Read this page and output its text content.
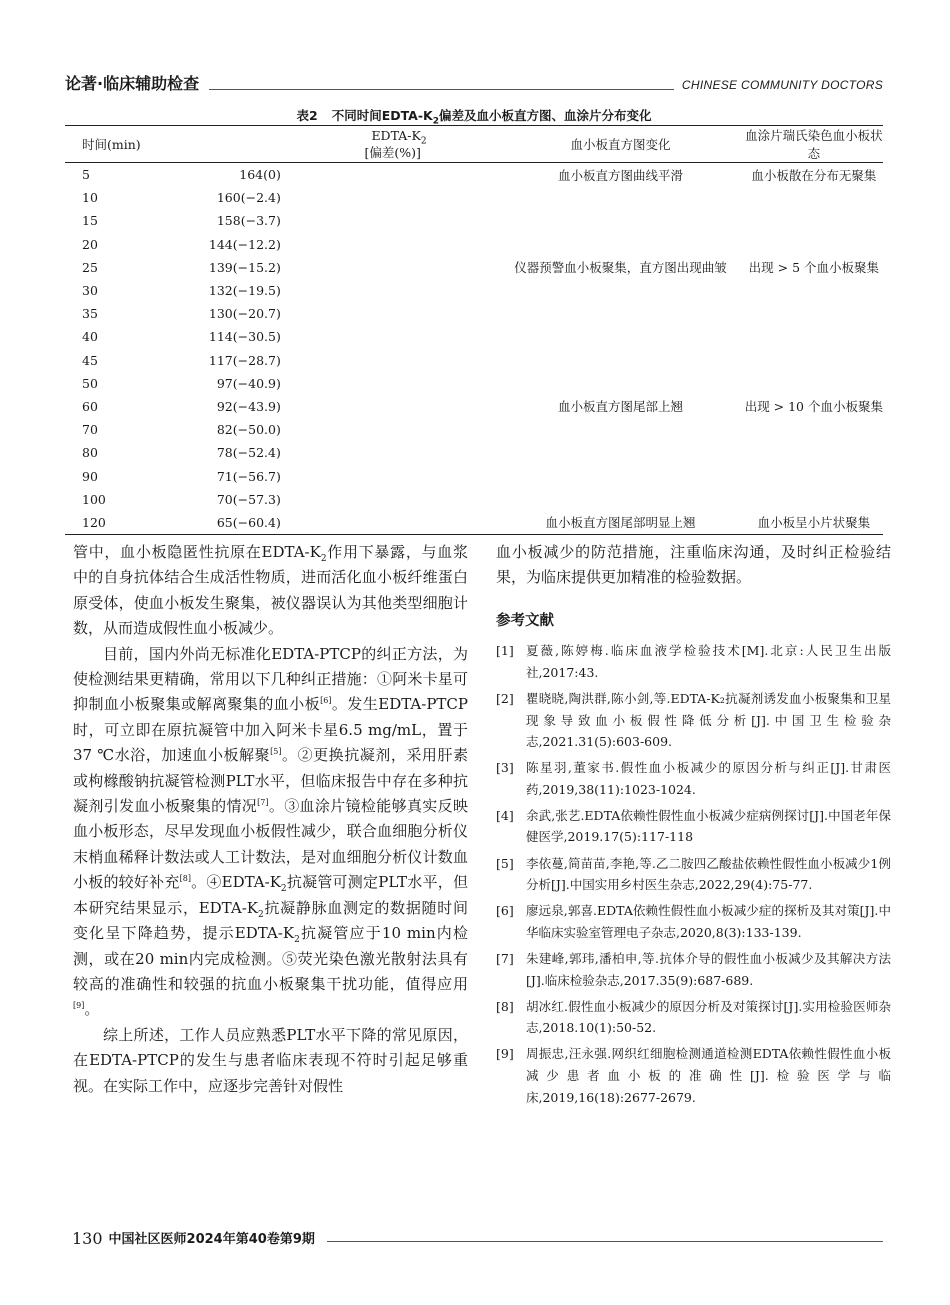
论著·临床辅助检查	CHINESE COMMUNITY DOCTORS
表2 不同时间EDTA-$K_2$偏差及血小板直方图、血涂片分布变化
时间(min)	EDTA-$K_2$[偏差(%)]	血小板直方图变化	血涂片瑞氏染色血小板状态
5	164(0)	血小板直方图曲线平滑	血小板散在分布无聚集
10	160(−2.4)		
15	158(−3.7)		
20	144(−12.2)		
25	139(−15.2)	仪器预警血小板聚集，直方图出现曲皱	出现 > 5 个血小板聚集
30	132(−19.5)		
35	130(−20.7)		
40	114(−30.5)		
45	117(−28.7)		
50	97(−40.9)		
60	92(−43.9)	血小板直方图尾部上翘	出现 > 10 个血小板聚集
70	82(−50.0)		
80	78(−52.4)		
90	71(−56.7)		
100	70(−57.3)		
120	65(−60.4)	血小板直方图尾部明显上翘	血小板呈小片状聚集

管中，血小板隐匿性抗原在EDTA-$K_2$作用下暴露，与血浆中的自身抗体结合生成活性物质，进而活化血小板纤维蛋白原受体，使血小板发生聚集，被仪器误认为其他类型细胞计数，从而造成假性血小板减少。

目前，国内外尚无标准化EDTA-PTCP的纠正方法，为使检测结果更精确，常用以下几种纠正措施：①阿米卡星可抑制血小板聚集或解离聚集的血小板[6]。发生EDTA-PTCP时，可立即在原抗凝管中加入阿米卡星6.5 mg/mL，置于37 ℃水浴，加速血小板解聚[5]。②更换抗凝剂，采用肝素或枸橼酸钠抗凝管检测PLT水平，但临床报告中存在多种抗凝剂引发血小板聚集的情况[7]。③血涂片镜检能够真实反映血小板形态，尽早发现血小板假性减少，联合血细胞分析仪末梢血稀释计数法或人工计数法，是对血细胞分析仪计数血小板的较好补充[8]。④EDTA-$K_2$抗凝管可测定PLT水平，但本研究结果显示，EDTA-$K_2$抗凝静脉血测定的数据随时间变化呈下降趋势，提示EDTA-$K_2$抗凝管应于10 min内检测，或在20 min内完成检测。⑤荧光染色激光散射法具有较高的准确性和较强的抗血小板聚集干扰功能，值得应用[9]。

综上所述，工作人员应熟悉PLT水平下降的常见原因，在EDTA-PTCP的发生与患者临床表现不符时引起足够重视。在实际工作中，应逐步完善针对假性

血小板减少的防范措施，注重临床沟通，及时纠正检验结果，为临床提供更加精准的检验数据。

参考文献
[1] 夏薇,陈婷梅.临床血液学检验技术[M].北京:人民卫生出版社,2017:43.
[2] 瞿晓晓,陶洪群,陈小剑,等.EDTA-K₂抗凝剂诱发血小板聚集和卫星现象导致血小板假性降低分析[J].中国卫生检验杂志,2021.31(5):603-609.
[3] 陈星羽,董家书.假性血小板减少的原因分析与纠正[J].甘肃医药,2019,38(11):1023-1024.
[4] 余武,张艺.EDTA依赖性假性血小板减少症病例探讨[J].中国老年保健医学,2019.17(5):117-118
[5] 李依蔓,简苗苗,李艳,等.乙二胺四乙酸盐依赖性假性血小板减少1例分析[J].中国实用乡村医生杂志,2022,29(4):75-77.
[6] 廖远泉,郭喜.EDTA依赖性假性血小板减少症的探析及其对策[J].中华临床实验室管理电子杂志,2020,8(3):133-139.
[7] 朱建峰,郭玮,潘柏申,等.抗体介导的假性血小板减少及其解决方法[J].临床检验杂志,2017.35(9):687-689.
[8] 胡冰红.假性血小板减少的原因分析及对策探讨[J].实用检验医师杂志,2018.10(1):50-52.
[9] 周振忠,汪永强.网织红细胞检测通道检测EDTA依赖性假性血小板减少患者血小板的准确性[J].检验医学与临床,2019,16(18):2677-2679.
130 中国社区医师2024年第40卷第9期
